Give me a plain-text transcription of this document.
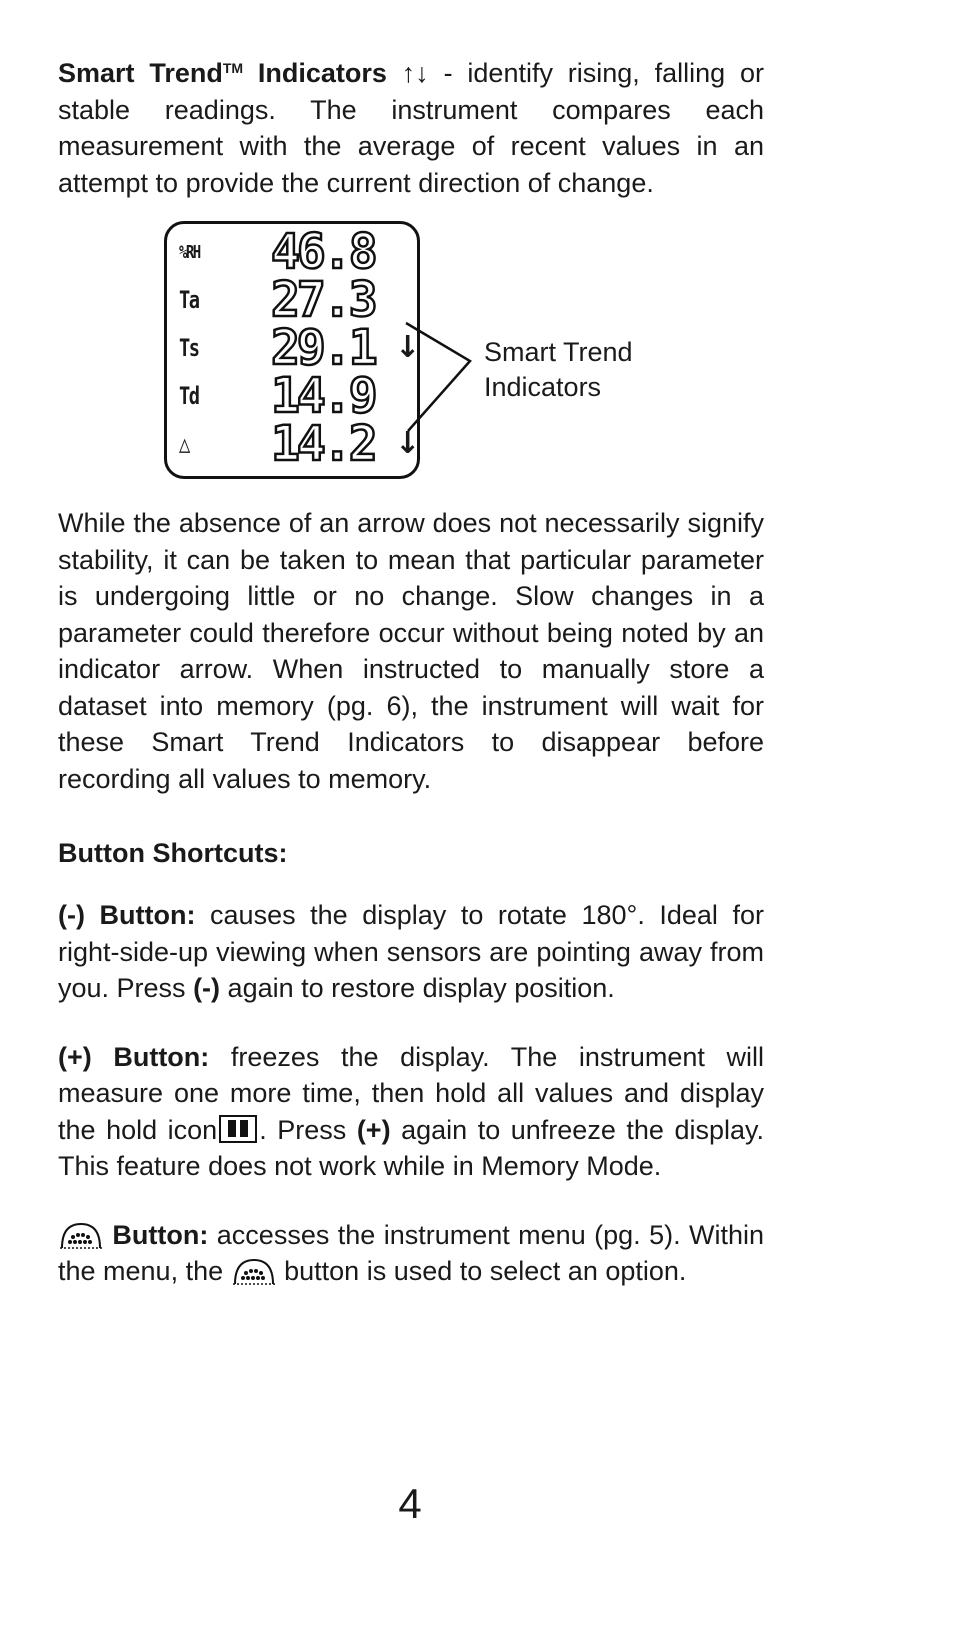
Smart Trend™ Indicators ↑↓ - identify rising, falling or stable readings. The instrument compares each measurement with the average of recent values in an attempt to provide the current direction of change.

%RH 46.8
Ta 27.3
Ts 29.1 ↓
Td 14.9
△ 14.2 ↓
Smart Trend
Indicators

While the absence of an arrow does not necessarily signify stability, it can be taken to mean that particular parameter is undergoing little or no change. Slow changes in a parameter could therefore occur without being noted by an indicator arrow. When instructed to manually store a dataset into memory (pg. 6), the instrument will wait for these Smart Trend Indicators to disappear before recording all values to memory.

Button Shortcuts:

(-) Button: causes the display to rotate 180°. Ideal for right-side-up viewing when sensors are pointing away from you. Press (-) again to restore display position.

(+) Button: freezes the display. The instrument will measure one more time, then hold all values and display the hold icon . Press (+) again to unfreeze the display. This feature does not work while in Memory Mode.

Button: accesses the instrument menu (pg. 5). Within the menu, the  button is used to select an option.

4
